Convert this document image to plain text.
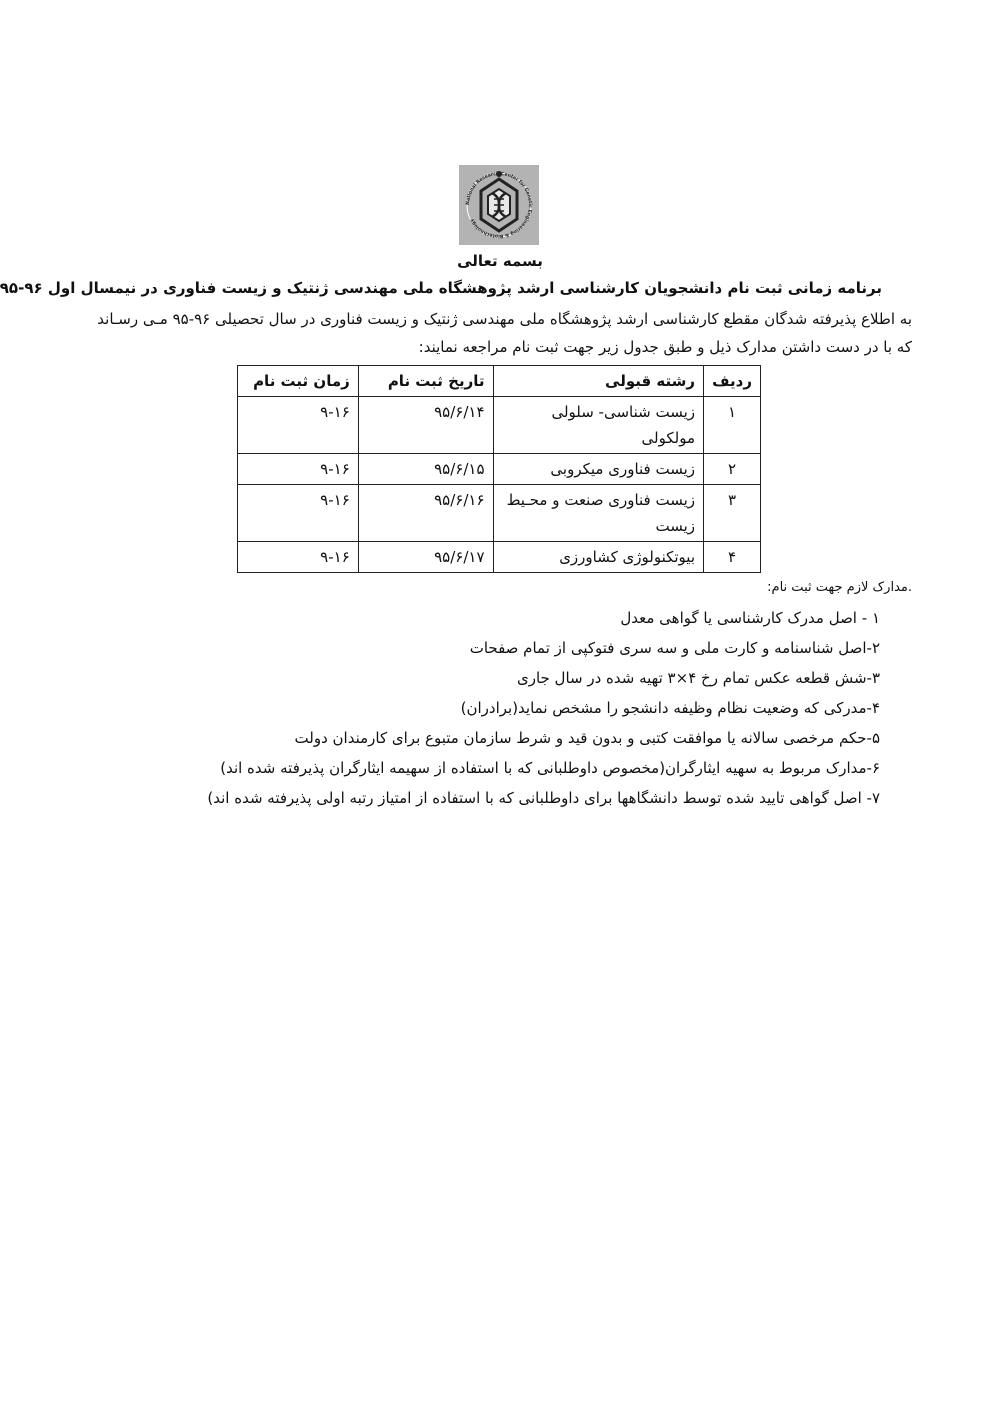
National Research Center for Genetic Engineering & Biotechnology
بسمه تعالی
برنامه زمانی ثبت نام دانشجویان کارشناسی ارشد پژوهشگاه ملی مهندسی ژنتیک و زیست فناوری در نیمسال اول ۹۶-۹۵
به اطلاع پذیرفته شدگان مقطع کارشناسی ارشد پژوهشگاه ملی مهندسی ژنتیک و زیست فناوری در سال تحصیلی ۹۶-۹۵ مـی رسـاند
که با در دست داشتن مدارک ذیل و طبق جدول زیر جهت ثبت نام مراجعه نمایند:
ردیف	رشته قبولی	تاریخ ثبت نام	زمان ثبت نام
۱	زیست شناسی- سلولی مولکولی	۹۵/۶/۱۴	۹-۱۶
۲	زیست فناوری میکروبی	۹۵/۶/۱۵	۹-۱۶
۳	زیست فناوری صنعت و محـیط زیست	۹۵/۶/۱۶	۹-۱۶
۴	بیوتکنولوژی کشاورزی	۹۵/۶/۱۷	۹-۱۶
.مدارک لازم جهت ثبت نام:
۱ - اصل مدرک کارشناسی یا گواهی معدل
۲-اصل شناسنامه و کارت ملی و سه سری فتوکپی از تمام صفحات
۳-شش قطعه عکس تمام رخ ۴×۳ تهیه شده در سال جاری
۴-مدرکی که وضعیت نظام وظیفه دانشجو را مشخص نماید(برادران)
۵-حکم مرخصی سالانه یا موافقت کتبی و بدون قید و شرط سازمان متبوع برای کارمندان دولت
۶-مدارک مربوط به سهیه ایثارگران(مخصوص داوطلبانی که با استفاده از سهیمه ایثارگران پذیرفته شده اند)
۷- اصل گواهی تایید شده توسط دانشگاهها برای داوطلبانی که با استفاده از امتیاز رتبه اولی پذیرفته شده اند)
